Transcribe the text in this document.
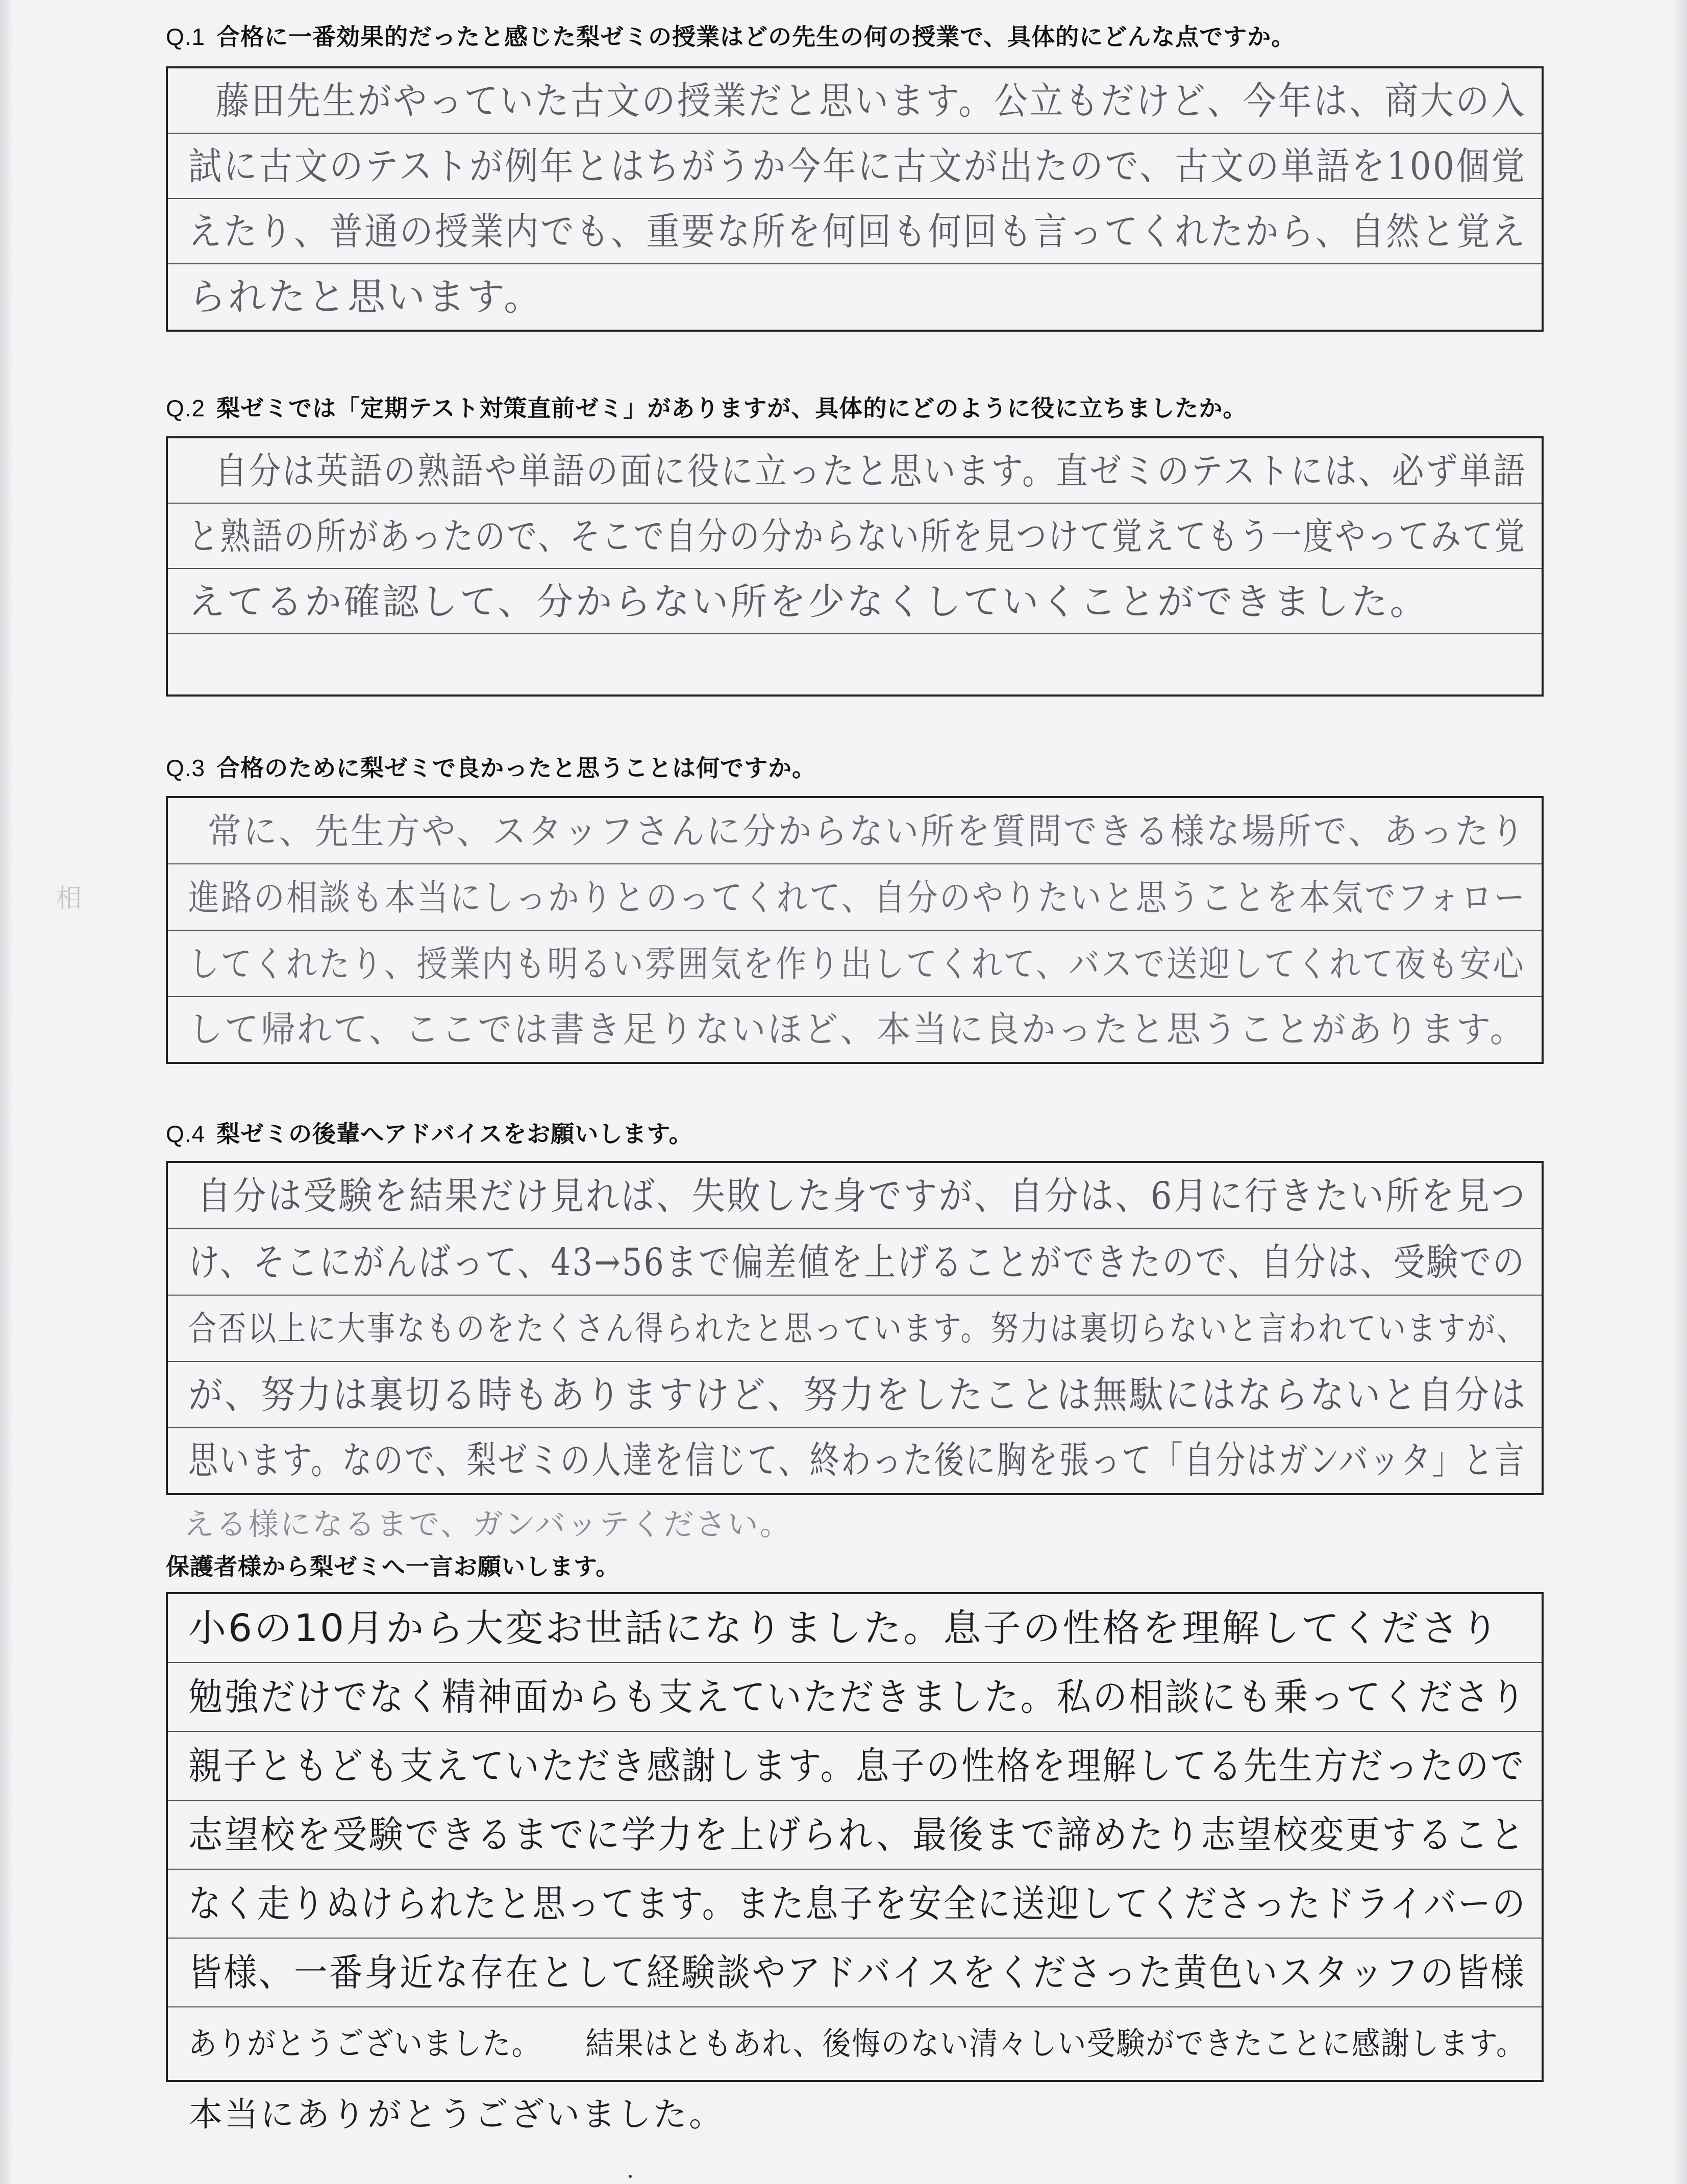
Q.1 合格に一番効果的だったと感じた梨ゼミの授業はどの先生の何の授業で、具体的にどんな点ですか。
藤田先生がやっていた古文の授業だと思います。公立もだけど、今年は、商大の入
試に古文のテストが例年とはちがうか今年に古文が出たので、古文の単語を100個覚
えたり、普通の授業内でも、重要な所を何回も何回も言ってくれたから、自然と覚え
られたと思います。
Q.2 梨ゼミでは「定期テスト対策直前ゼミ」がありますが、具体的にどのように役に立ちましたか。
自分は英語の熟語や単語の面に役に立ったと思います。直ゼミのテストには、必ず単語
と熟語の所があったので、そこで自分の分からない所を見つけて覚えてもう一度やってみて覚
えてるか確認して、分からない所を少なくしていくことができました。
Q.3 合格のために梨ゼミで良かったと思うことは何ですか。
常に、先生方や、スタッフさんに分からない所を質問できる様な場所で、あったり
進路の相談も本当にしっかりとのってくれて、自分のやりたいと思うことを本気でフォロー
してくれたり、授業内も明るい雰囲気を作り出してくれて、バスで送迎してくれて夜も安心
して帰れて、ここでは書き足りないほど、本当に良かったと思うことがあります。
Q.4 梨ゼミの後輩へアドバイスをお願いします。
自分は受験を結果だけ見れば、失敗した身ですが、自分は、6月に行きたい所を見つ
け、そこにがんばって、43→56まで偏差値を上げることができたので、自分は、受験での
合否以上に大事なものをたくさん得られたと思っています。努力は裏切らないと言われていますが、
が、努力は裏切る時もありますけど、努力をしたことは無駄にはならないと自分は
思います。なので、梨ゼミの人達を信じて、終わった後に胸を張って「自分はガンバッタ」と言
える様になるまで、ガンバッテください。
保護者様から梨ゼミへ一言お願いします。
小6の10月から大変お世話になりました。息子の性格を理解してくださり
勉強だけでなく精神面からも支えていただきました。私の相談にも乗ってくださり
親子ともども支えていただき感謝します。息子の性格を理解してる先生方だったので
志望校を受験できるまでに学力を上げられ、最後まで諦めたり志望校変更すること
なく走りぬけられたと思ってます。また息子を安全に送迎してくださったドライバーの
皆様、一番身近な存在として経験談やアドバイスをくださった黄色いスタッフの皆様
ありがとうございました。　　結果はともあれ、後悔のない清々しい受験ができたことに感謝します。
本当にありがとうございました。
相
